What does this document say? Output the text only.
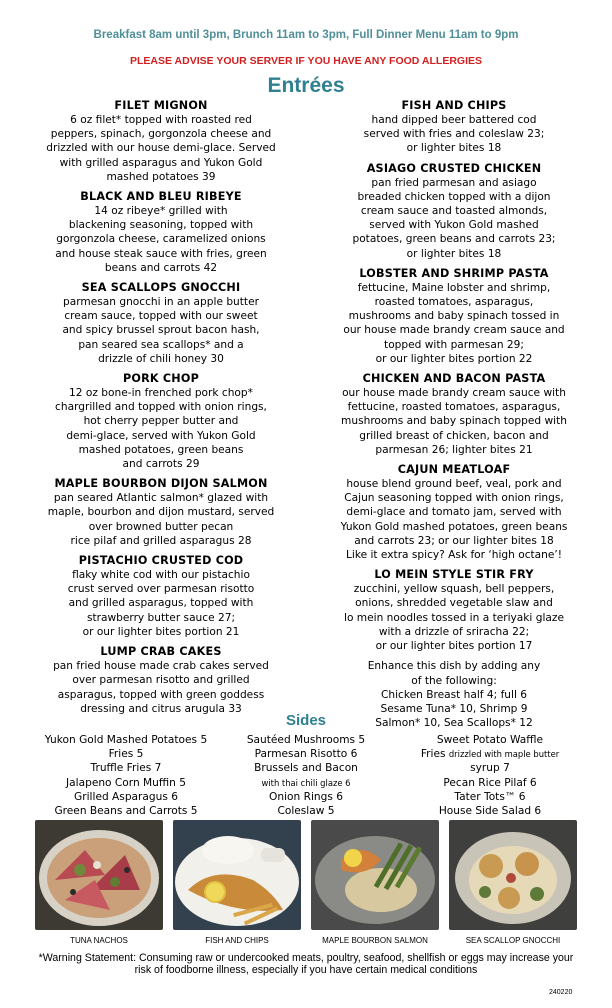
Breakfast 8am until 3pm, Brunch 11am to 3pm, Full Dinner Menu 11am to 9pm
PLEASE ADVISE YOUR SERVER IF YOU HAVE ANY FOOD ALLERGIES
Entrées
FILET MIGNON
6 oz filet* topped with roasted red
peppers, spinach, gorgonzola cheese and
drizzled with our house demi-glace. Served
with grilled asparagus and Yukon Gold
mashed potatoes 39
BLACK AND BLEU RIBEYE
14 oz ribeye* grilled with
blackening seasoning, topped with
gorgonzola cheese, caramelized onions
and house steak sauce with fries, green
beans and carrots 42
SEA SCALLOPS GNOCCHI
parmesan gnocchi in an apple butter
cream sauce, topped with our sweet
and spicy brussel sprout bacon hash,
pan seared sea scallops* and a
drizzle of chili honey 30
PORK CHOP
12 oz bone-in frenched pork chop*
chargrilled and topped with onion rings,
hot cherry pepper butter and
demi-glace, served with Yukon Gold
mashed potatoes, green beans
and carrots 29
MAPLE BOURBON DIJON SALMON
pan seared Atlantic salmon* glazed with
maple, bourbon and dijon mustard, served
over browned butter pecan
rice pilaf and grilled asparagus 28
PISTACHIO CRUSTED COD
flaky white cod with our pistachio
crust served over parmesan risotto
and grilled asparagus, topped with
strawberry butter sauce 27;
or our lighter bites portion 21
LUMP CRAB CAKES
pan fried house made crab cakes served
over parmesan risotto and grilled
asparagus, topped with green goddess
dressing and citrus arugula 33
FISH AND CHIPS
hand dipped beer battered cod
served with fries and coleslaw 23;
or lighter bites 18
ASIAGO CRUSTED CHICKEN
pan fried parmesan and asiago
breaded chicken topped with a dijon
cream sauce and toasted almonds,
served with Yukon Gold mashed
potatoes, green beans and carrots 23;
or lighter bites 18
LOBSTER AND SHRIMP PASTA
fettucine, Maine lobster and shrimp,
roasted tomatoes, asparagus,
mushrooms and baby spinach tossed in
our house made brandy cream sauce and
topped with parmesan 29;
or our lighter bites portion 22
CHICKEN AND BACON PASTA
our house made brandy cream sauce with
fettucine, roasted tomatoes, asparagus,
mushrooms and baby spinach topped with
grilled breast of chicken, bacon and
parmesan 26; lighter bites 21
CAJUN MEATLOAF
house blend ground beef, veal, pork and
Cajun seasoning topped with onion rings,
demi-glace and tomato jam, served with
Yukon Gold mashed potatoes, green beans
and carrots 23; or our lighter bites 18
Like it extra spicy? Ask for ‘high octane’!
LO MEIN STYLE STIR FRY
zucchini, yellow squash, bell peppers,
onions, shredded vegetable slaw and
lo mein noodles tossed in a teriyaki glaze
with a drizzle of sriracha 22;
or our lighter bites portion 17
Enhance this dish by adding any
of the following:
Chicken Breast half 4; full 6
Sesame Tuna* 10, Shrimp 9
Salmon* 10, Sea Scallops* 12
Sides
Yukon Gold Mashed Potatoes 5
Fries 5
Truffle Fries 7
Jalapeno Corn Muffin 5
Grilled Asparagus 6
Green Beans and Carrots 5
Sautéed Mushrooms 5
Parmesan Risotto 6
Brussels and Bacon
with thai chili glaze 6
Onion Rings 6
Coleslaw 5
Sweet Potato Waffle
Fries drizzled with maple butter
syrup 7
Pecan Rice Pilaf 6
Tater Tots™ 6
House Side Salad 6
TUNA NACHOS	FISH AND CHIPS	MAPLE BOURBON SALMON	SEA SCALLOP GNOCCHI
*Warning Statement: Consuming raw or undercooked meats, poultry, seafood, shellfish or eggs may increase your risk of foodborne illness, especially if you have certain medical conditions
240220
